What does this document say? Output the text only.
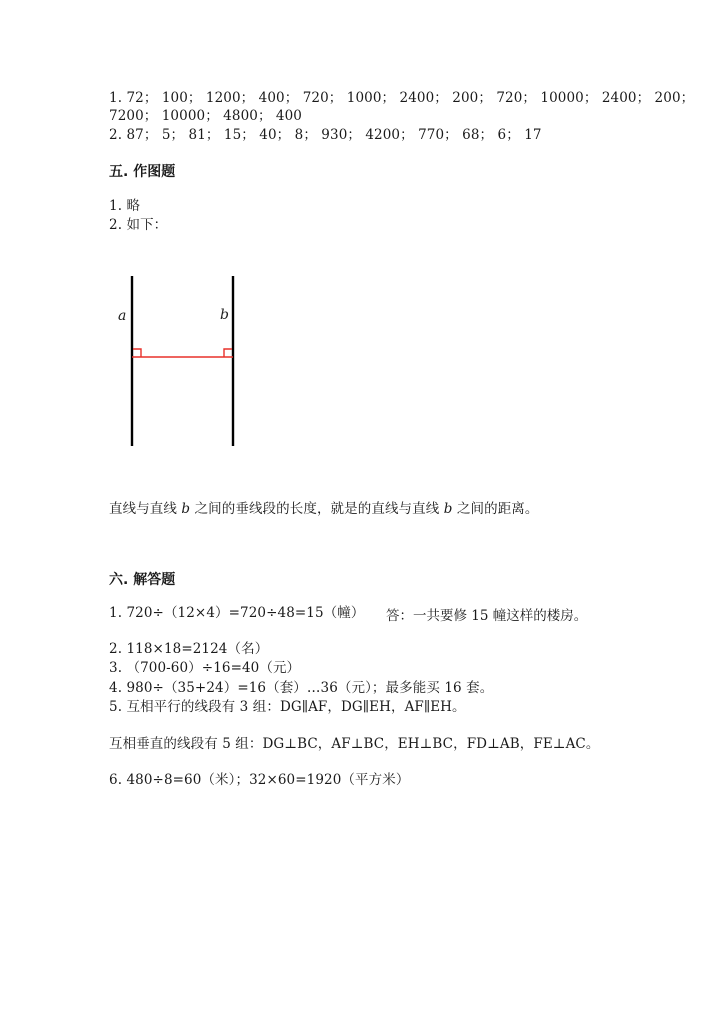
1. 72； 100； 1200； 400； 720； 1000； 2400； 200； 720； 10000； 2400； 200；
7200； 10000； 4800； 400
2. 87； 5； 81； 15； 40； 8； 930； 4200； 770； 68； 6； 17
五. 作图题
1. 略
2. 如下：
a	b
直线与直线 b 之间的垂线段的长度，就是的直线与直线 b 之间的距离。
六. 解答题
1. 720÷（12×4）=720÷48=15（幢） 答：一共要修 15 幢这样的楼房。
2. 118×18=2124（名）
3. （700-60）÷16=40（元）
4. 980÷（35+24）=16（套）…36（元）；最多能买 16 套。
5. 互相平行的线段有 3 组：DG∥AF，DG∥EH，AF∥EH。
互相垂直的线段有 5 组：DG⊥BC，AF⊥BC，EH⊥BC，FD⊥AB，FE⊥AC。
6. 480÷8=60（米）；32×60=1920（平方米）
